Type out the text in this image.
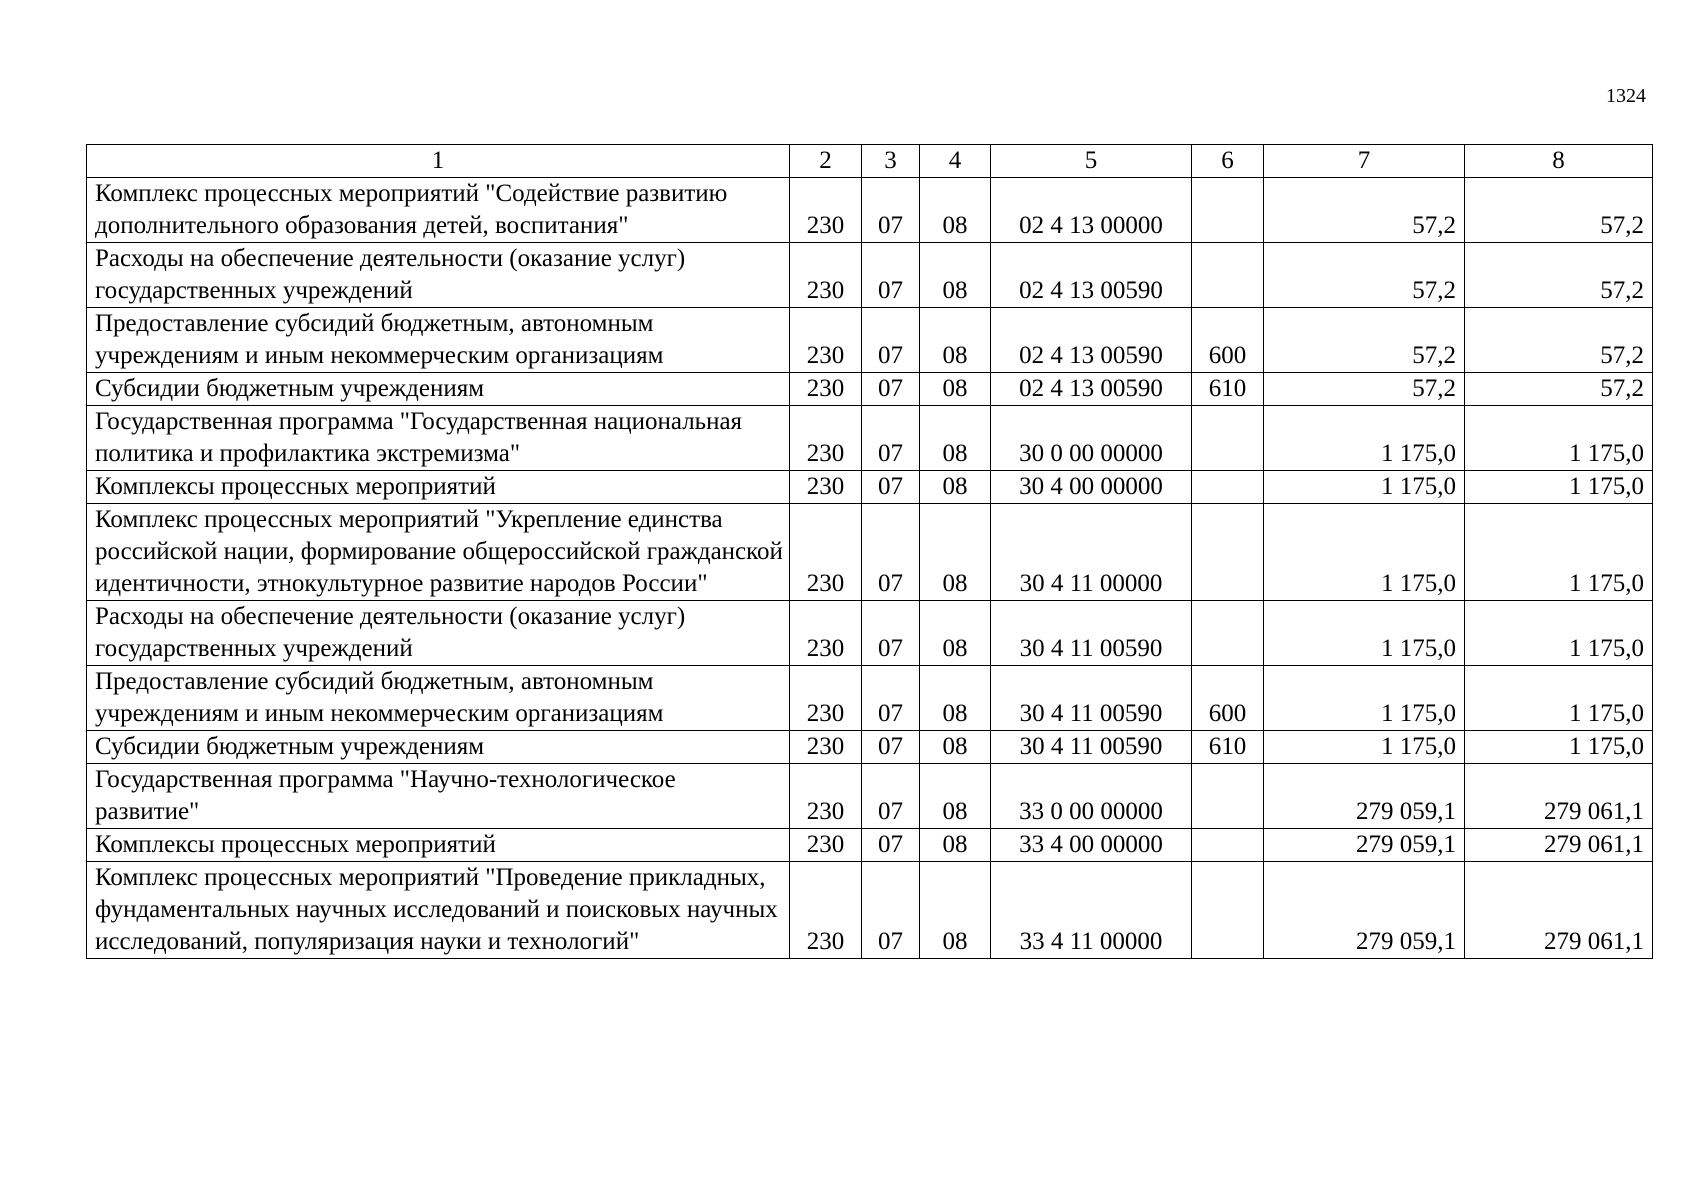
1324
1	2	3	4	5	6	7	8
Комплекс процессных мероприятий "Содействие развитию дополнительного образования детей, воспитания"	230	07	08	02 4 13 00000		57,2	57,2
Расходы на обеспечение деятельности (оказание услуг) государственных учреждений	230	07	08	02 4 13 00590		57,2	57,2
Предоставление субсидий бюджетным, автономным учреждениям и иным некоммерческим организациям	230	07	08	02 4 13 00590	600	57,2	57,2
Субсидии бюджетным учреждениям	230	07	08	02 4 13 00590	610	57,2	57,2
Государственная программа "Государственная национальная политика и профилактика экстремизма"	230	07	08	30 0 00 00000		1 175,0	1 175,0
Комплексы процессных мероприятий	230	07	08	30 4 00 00000		1 175,0	1 175,0
Комплекс процессных мероприятий "Укрепление единства российской нации, формирование общероссийской гражданской идентичности, этнокультурное развитие народов России"	230	07	08	30 4 11 00000		1 175,0	1 175,0
Расходы на обеспечение деятельности (оказание услуг) государственных учреждений	230	07	08	30 4 11 00590		1 175,0	1 175,0
Предоставление субсидий бюджетным, автономным учреждениям и иным некоммерческим организациям	230	07	08	30 4 11 00590	600	1 175,0	1 175,0
Субсидии бюджетным учреждениям	230	07	08	30 4 11 00590	610	1 175,0	1 175,0
Государственная программа "Научно-технологическое развитие"	230	07	08	33 0 00 00000		279 059,1	279 061,1
Комплексы процессных мероприятий	230	07	08	33 4 00 00000		279 059,1	279 061,1
Комплекс процессных мероприятий "Проведение прикладных, фундаментальных научных исследований и поисковых научных исследований, популяризация науки и технологий"	230	07	08	33 4 11 00000		279 059,1	279 061,1
